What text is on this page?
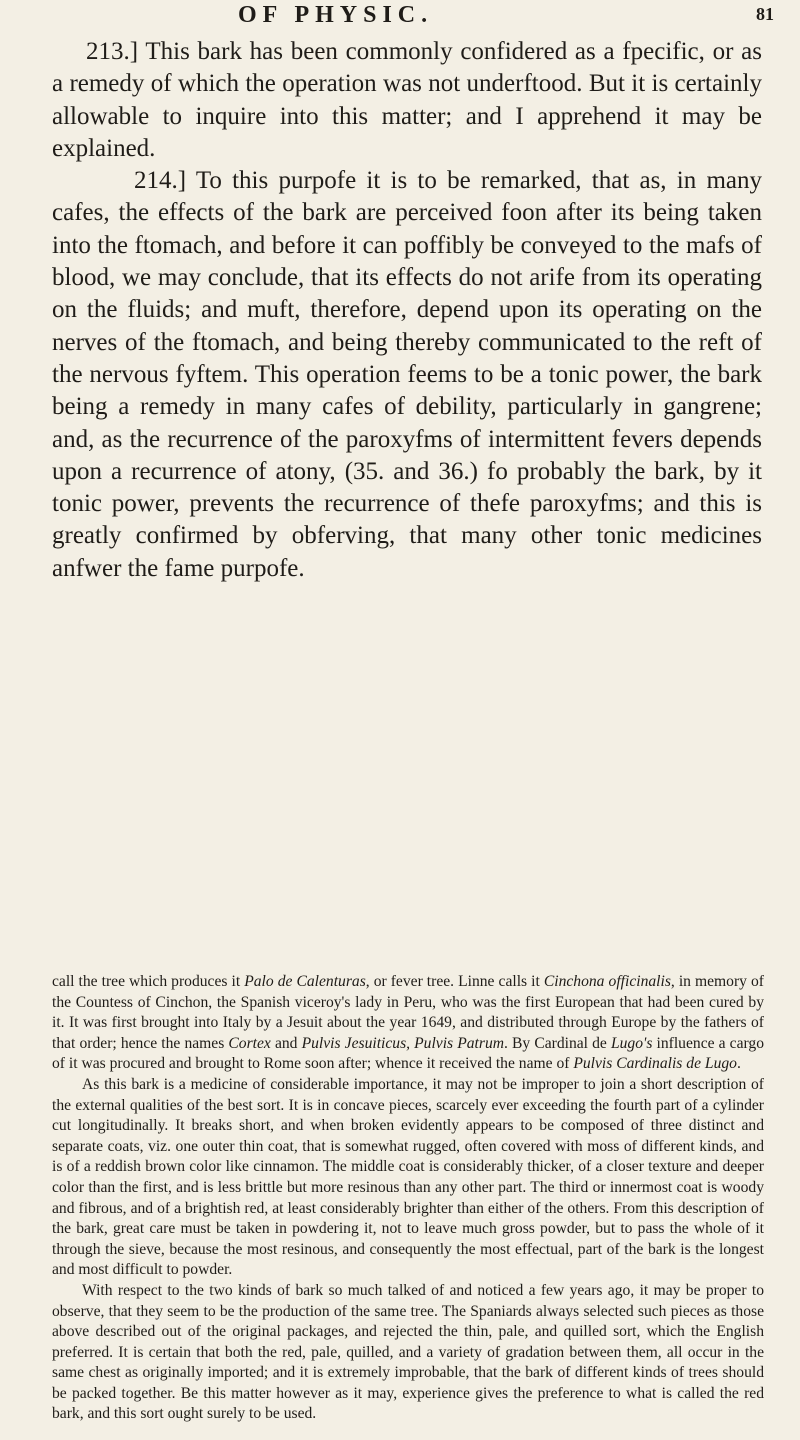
OF PHYSIC.	81

213.] This bark has been commonly confidered as a fpecific, or as a remedy of which the operation was not underftood. But it is certainly allowable to inquire into this matter; and I apprehend it may be explained.

214.] To this purpofe it is to be remarked, that as, in many cafes, the effects of the bark are perceived foon after its being taken into the ftomach, and before it can poffibly be conveyed to the mafs of blood, we may conclude, that its effects do not arife from its operating on the fluids; and muft, therefore, depend upon its operating on the nerves of the ftomach, and being thereby communicated to the reft of the nervous fyftem. This operation feems to be a tonic power, the bark being a remedy in many cafes of debility, particularly in gangrene; and, as the recurrence of the paroxyfms of intermittent fevers depends upon a recurrence of atony, (35. and 36.) fo probably the bark, by it tonic power, prevents the recurrence of thefe paroxyfms; and this is greatly confirmed by obferving, that many other tonic medicines anfwer the fame purpofe.

call the tree which produces it Palo de Calenturas, or fever tree. Linne calls it Cinchona officinalis, in memory of the Countess of Cinchon, the Spanish viceroy's lady in Peru, who was the first European that had been cured by it. It was first brought into Italy by a Jesuit about the year 1649, and distributed through Europe by the fathers of that order; hence the names Cortex and Pulvis Jesuiticus, Pulvis Patrum. By Cardinal de Lugo's influence a cargo of it was procured and brought to Rome soon after; whence it received the name of Pulvis Cardinalis de Lugo.

As this bark is a medicine of considerable importance, it may not be improper to join a short description of the external qualities of the best sort. It is in concave pieces, scarcely ever exceeding the fourth part of a cylinder cut longitudinally. It breaks short, and when broken evidently appears to be composed of three distinct and separate coats, viz. one outer thin coat, that is somewhat rugged, often covered with moss of different kinds, and is of a reddish brown color like cinnamon. The middle coat is considerably thicker, of a closer texture and deeper color than the first, and is less brittle but more resinous than any other part. The third or innermost coat is woody and fibrous, and of a brightish red, at least considerably brighter than either of the others. From this description of the bark, great care must be taken in powdering it, not to leave much gross powder, but to pass the whole of it through the sieve, because the most resinous, and consequently the most effectual, part of the bark is the longest and most difficult to powder.

With respect to the two kinds of bark so much talked of and noticed a few years ago, it may be proper to observe, that they seem to be the production of the same tree. The Spaniards always selected such pieces as those above described out of the original packages, and rejected the thin, pale, and quilled sort, which the English preferred. It is certain that both the red, pale, quilled, and a variety of gradation between them, all occur in the same chest as originally imported; and it is extremely improbable, that the bark of different kinds of trees should be packed together. Be this matter however as it may, experience gives the preference to what is called the red bark, and this sort ought surely to be used.
